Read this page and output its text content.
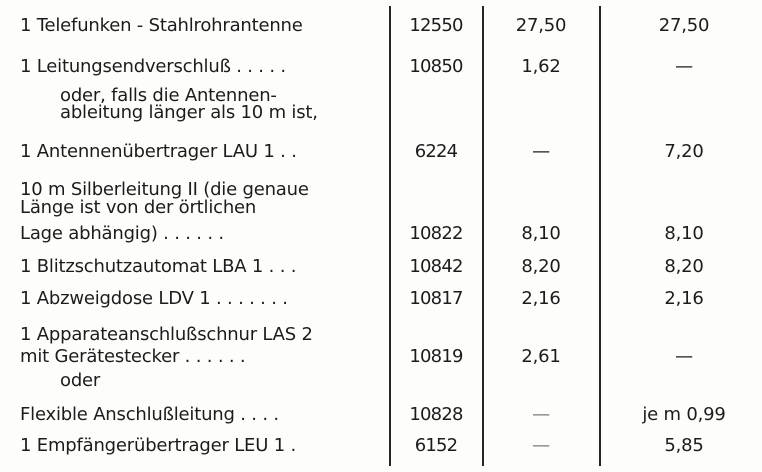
1 Telefunken - Stahlrohrantenne	12550	27,50	27,50
1 Leitungsendverschluß . . . . .	10850	1,62	—
oder, falls die Antennen-
ableitung länger als 10 m ist,
1 Antennenübertrager LAU 1 . .	6224	—	7,20
10 m Silberleitung II (die genaue
Länge ist von der örtlichen
Lage abhängig) . . . . . .	10822	8,10	8,10
1 Blitzschutzautomat LBA 1 . . .	10842	8,20	8,20
1 Abzweigdose LDV 1 . . . . . . .	10817	2,16	2,16
1 Apparateanschlußschnur LAS 2
mit Gerätestecker . . . . . .	10819	2,61	—
oder
Flexible Anschlußleitung . . . .	10828	—	je m 0,99
1 Empfängerübertrager LEU 1 .	6152	—	5,85
